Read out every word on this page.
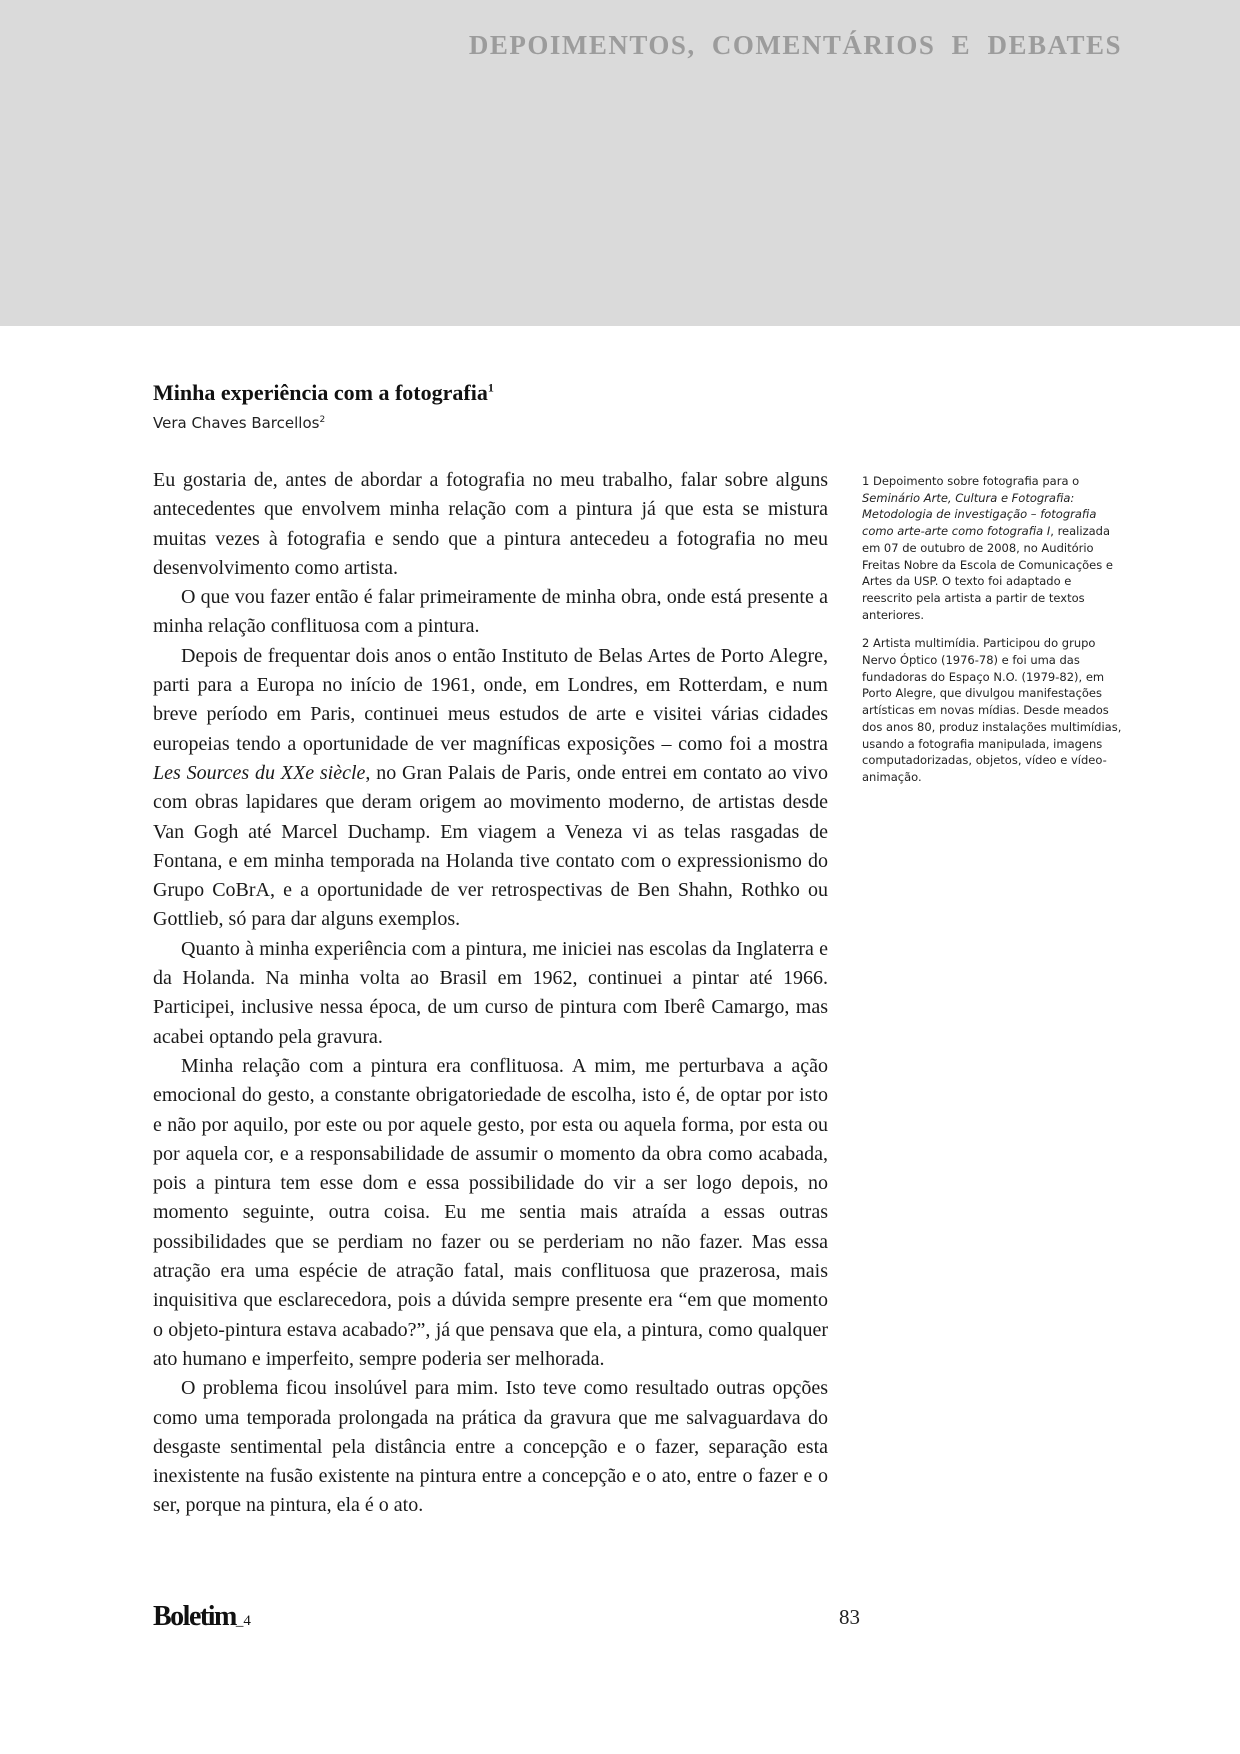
DEPOIMENTOS, COMENTÁRIOS E DEBATES
Minha experiência com a fotografia$^1$
Vera Chaves Barcellos$^2$

Eu gostaria de, antes de abordar a fotografia no meu trabalho, falar sobre alguns antecedentes que envolvem minha relação com a pintura já que esta se mistura muitas vezes à fotografia e sendo que a pintura antecedeu a fotografia no meu desenvolvimento como artista.

O que vou fazer então é falar primeiramente de minha obra, onde está presente a minha relação conflituosa com a pintura.

Depois de frequentar dois anos o então Instituto de Belas Artes de Porto Alegre, parti para a Europa no início de 1961, onde, em Londres, em Rotterdam, e num breve período em Paris, continuei meus estudos de arte e visitei várias cidades europeias tendo a oportunidade de ver magníficas exposições – como foi a mostra Les Sources du XXe siècle, no Gran Palais de Paris, onde entrei em contato ao vivo com obras lapidares que deram origem ao movimento moderno, de artistas desde Van Gogh até Marcel Duchamp. Em viagem a Veneza vi as telas rasgadas de Fontana, e em minha temporada na Holanda tive contato com o expressionismo do Grupo CoBrA, e a oportunidade de ver retrospectivas de Ben Shahn, Rothko ou Gottlieb, só para dar alguns exemplos.

Quanto à minha experiência com a pintura, me iniciei nas escolas da Inglaterra e da Holanda. Na minha volta ao Brasil em 1962, continuei a pintar até 1966. Participei, inclusive nessa época, de um curso de pintura com Iberê Camargo, mas acabei optando pela gravura.

Minha relação com a pintura era conflituosa. A mim, me perturbava a ação emocional do gesto, a constante obrigatoriedade de escolha, isto é, de optar por isto e não por aquilo, por este ou por aquele gesto, por esta ou aquela forma, por esta ou por aquela cor, e a responsabilidade de assumir o momento da obra como acabada, pois a pintura tem esse dom e essa possibilidade do vir a ser logo depois, no momento seguinte, outra coisa. Eu me sentia mais atraída a essas outras possibilidades que se perdiam no fazer ou se perderiam no não fazer. Mas essa atração era uma espécie de atração fatal, mais conflituosa que prazerosa, mais inquisitiva que esclarecedora, pois a dúvida sempre presente era “em que momento o objeto-pintura estava acabado?”, já que pensava que ela, a pintura, como qualquer ato humano e imperfeito, sempre poderia ser melhorada.

O problema ficou insolúvel para mim. Isto teve como resultado outras opções como uma temporada prolongada na prática da gravura que me salvaguardava do desgaste sentimental pela distância entre a concepção e o fazer, separação esta inexistente na fusão existente na pintura entre a concepção e o ato, entre o fazer e o ser, porque na pintura, ela é o ato.

1 Depoimento sobre fotografia para o Seminário Arte, Cultura e Fotografia: Metodologia de investigação – fotografia como arte-arte como fotografia I, realizada em 07 de outubro de 2008, no Auditório Freitas Nobre da Escola de Comunicações e Artes da USP. O texto foi adaptado e reescrito pela artista a partir de textos anteriores.

2 Artista multimídia. Participou do grupo Nervo Óptico (1976-78) e foi uma das fundadoras do Espaço N.O. (1979-82), em Porto Alegre, que divulgou manifestações artísticas em novas mídias. Desde meados dos anos 80, produz instalações multimídias, usando a fotografia manipulada, imagens computadorizadas, objetos, vídeo e vídeo-animação.

Boletim_4	83
